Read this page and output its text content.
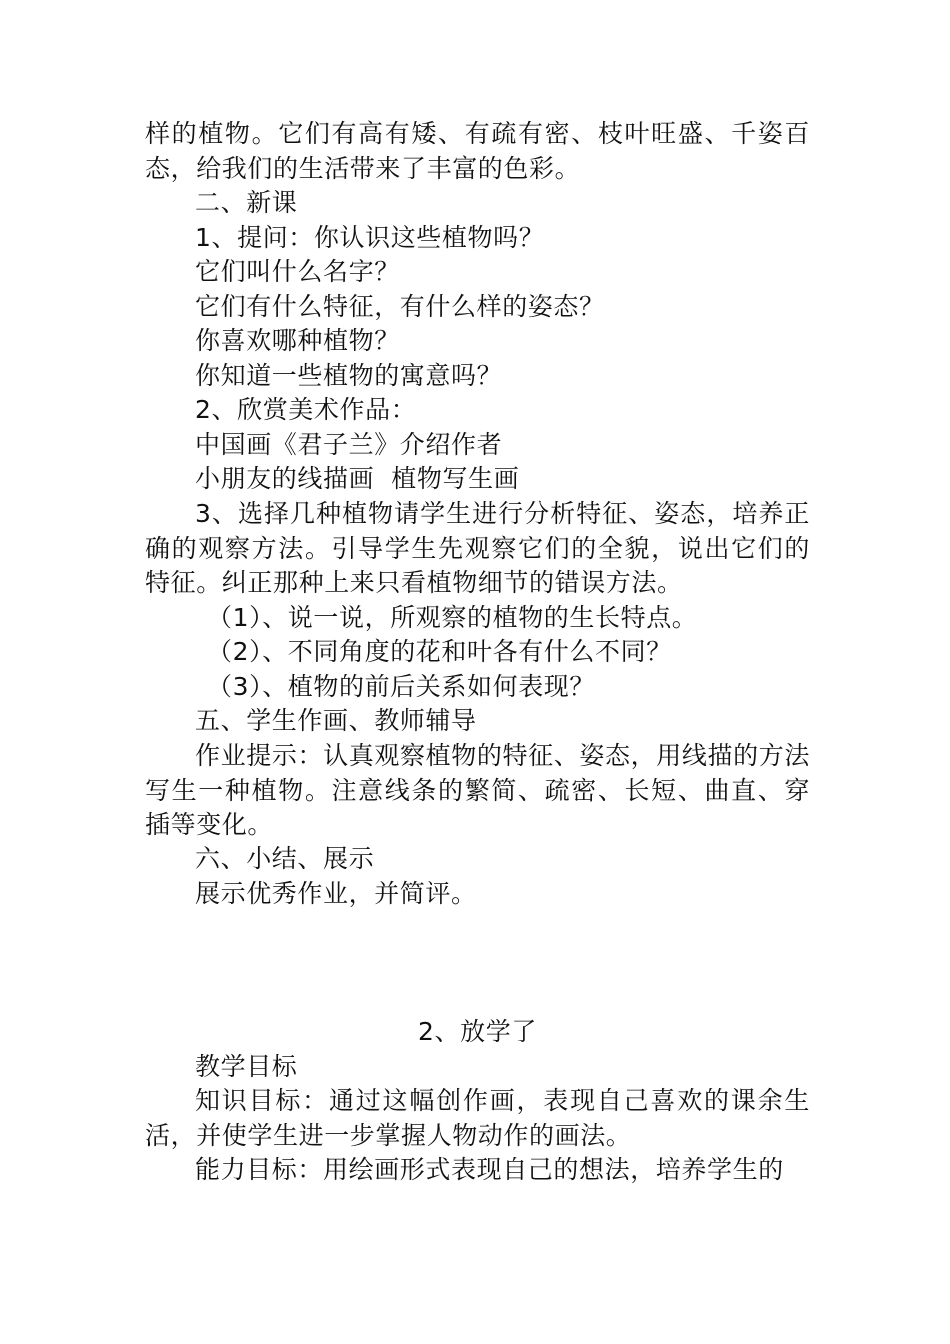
样的植物。它们有高有矮、有疏有密、枝叶旺盛、千姿百态，给我们的生活带来了丰富的色彩。

二、新课

1、提问：你认识这些植物吗？

它们叫什么名字？

它们有什么特征，有什么样的姿态？

你喜欢哪种植物？

你知道一些植物的寓意吗？

2、欣赏美术作品：

中国画《君子兰》介绍作者

小朋友的线描画  植物写生画

3、选择几种植物请学生进行分析特征、姿态，培养正确的观察方法。引导学生先观察它们的全貌，说出它们的特征。纠正那种上来只看植物细节的错误方法。

（1）、说一说，所观察的植物的生长特点。

（2）、不同角度的花和叶各有什么不同？

（3）、植物的前后关系如何表现？

五、学生作画、教师辅导

作业提示：认真观察植物的特征、姿态，用线描的方法写生一种植物。注意线条的繁简、疏密、长短、曲直、穿插等变化。

六、小结、展示

展示优秀作业，并简评。

2、放学了

教学目标

知识目标：通过这幅创作画，表现自己喜欢的课余生活，并使学生进一步掌握人物动作的画法。

能力目标：用绘画形式表现自己的想法，培养学生的
